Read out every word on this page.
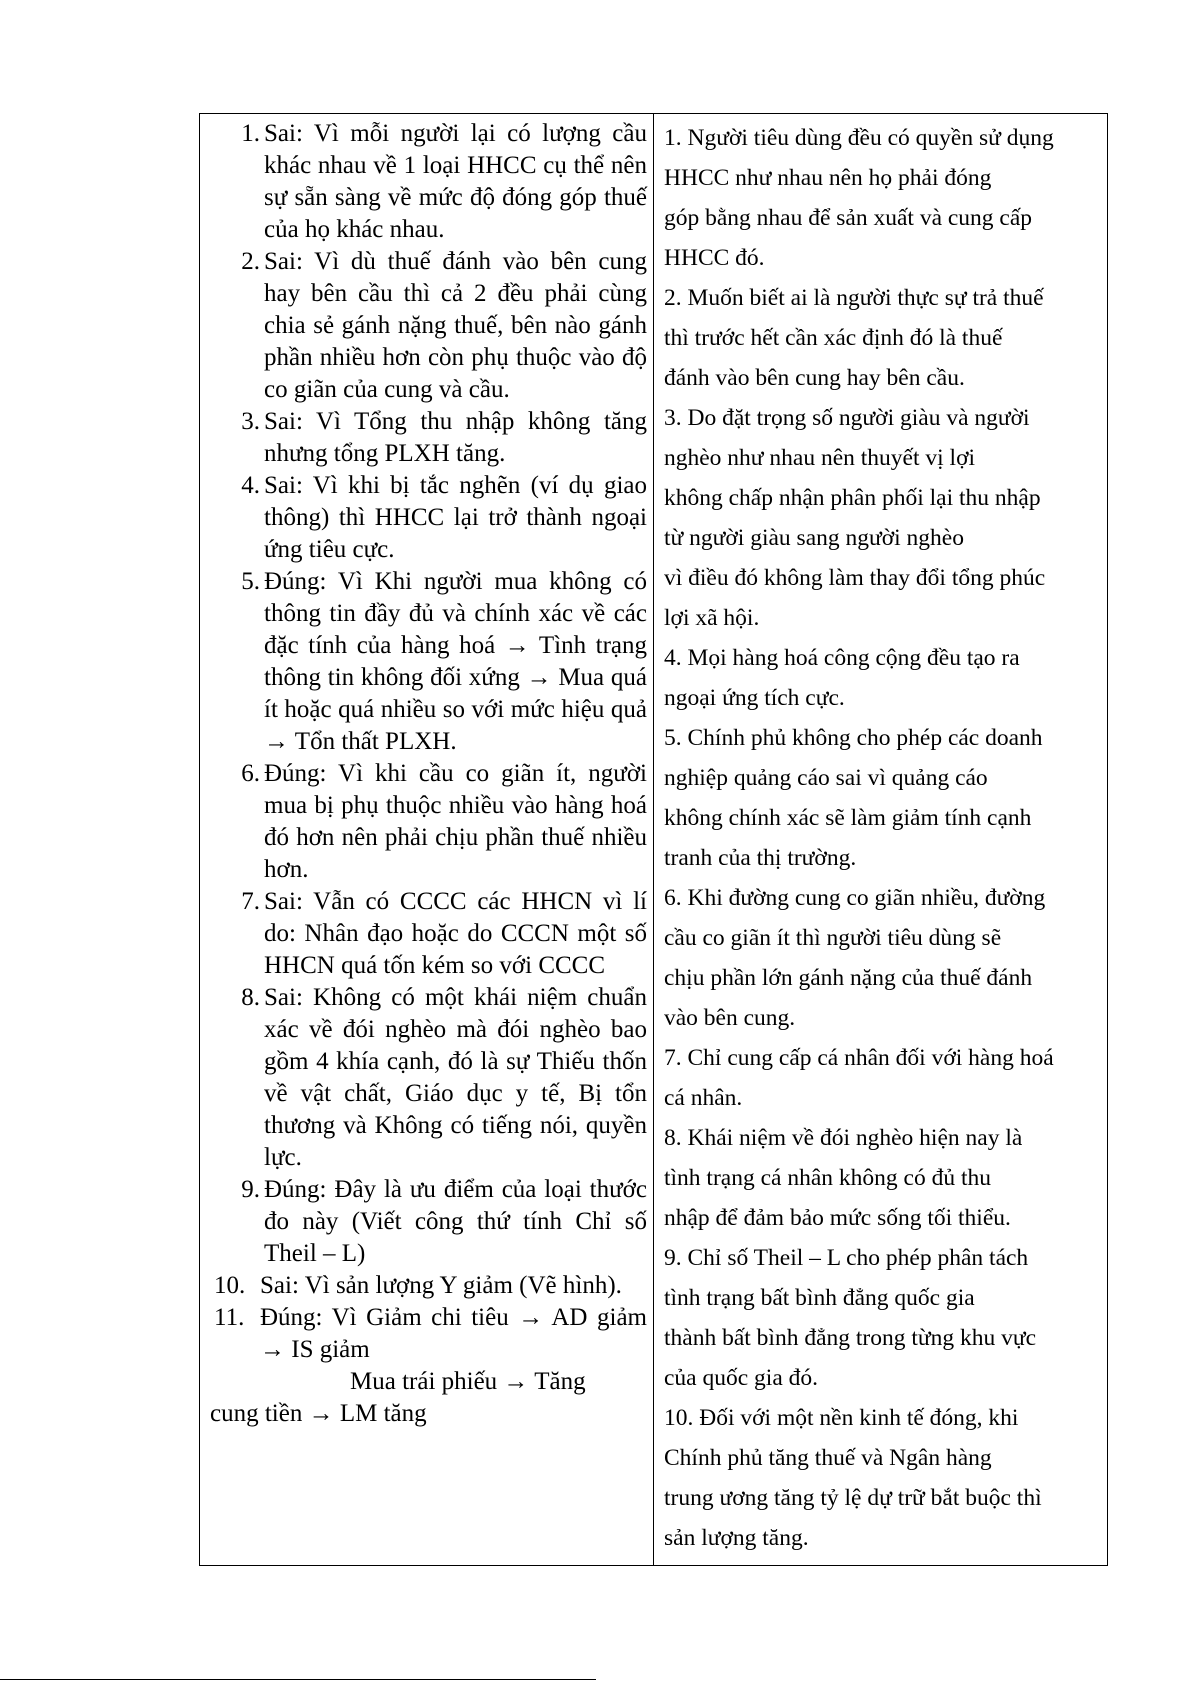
1. Sai: Vì mỗi người lại có lượng cầu khác nhau về 1 loại HHCC cụ thể nên sự sẵn sàng về mức độ đóng góp thuế của họ khác nhau.
2. Sai: Vì dù thuế đánh vào bên cung hay bên cầu thì cả 2 đều phải cùng chia sẻ gánh nặng thuế, bên nào gánh phần nhiều hơn còn phụ thuộc vào độ co giãn của cung và cầu.
3. Sai: Vì Tổng thu nhập không tăng nhưng tổng PLXH tăng.
4. Sai: Vì khi bị tắc nghẽn (ví dụ giao thông) thì HHCC lại trở thành ngoại ứng tiêu cực.
5. Đúng: Vì Khi người mua không có thông tin đầy đủ và chính xác về các đặc tính của hàng hoá → Tình trạng thông tin không đối xứng → Mua quá ít hoặc quá nhiều so với mức hiệu quả → Tổn thất PLXH.
6. Đúng: Vì khi cầu co giãn ít, người mua bị phụ thuộc nhiều vào hàng hoá đó hơn nên phải chịu phần thuế nhiều hơn.
7. Sai: Vẫn có CCCC các HHCN vì lí do: Nhân đạo hoặc do CCCN một số HHCN quá tốn kém so với CCCC
8. Sai: Không có một khái niệm chuẩn xác về đói nghèo mà đói nghèo bao gồm 4 khía cạnh, đó là sự Thiếu thốn về vật chất, Giáo dục y tế, Bị tổn thương và Không có tiếng nói, quyền lực.
9. Đúng: Đây là ưu điểm của loại thước đo này (Viết công thứ tính Chỉ số Theil – L)
10. Sai: Vì sản lượng Y giảm (Vẽ hình).
11. Đúng: Vì Giảm chi tiêu → AD giảm → IS giảm
Mua trái phiếu → Tăng
cung tiền → LM tăng
1. Người tiêu dùng đều có quyền sử dụng
HHCC như nhau nên họ phải đóng
góp bằng nhau để sản xuất và cung cấp
HHCC đó.
2. Muốn biết ai là người thực sự trả thuế
thì trước hết cần xác định đó là thuế
đánh vào bên cung hay bên cầu.
3. Do đặt trọng số người giàu và người
nghèo như nhau nên thuyết vị lợi
không chấp nhận phân phối lại thu nhập
từ người giàu sang người nghèo
vì điều đó không làm thay đổi tổng phúc
lợi xã hội.
4. Mọi hàng hoá công cộng đều tạo ra
ngoại ứng tích cực.
5. Chính phủ không cho phép các doanh
nghiệp quảng cáo sai vì quảng cáo
không chính xác sẽ làm giảm tính cạnh
tranh của thị trường.
6. Khi đường cung co giãn nhiều, đường
cầu co giãn ít thì người tiêu dùng sẽ
chịu phần lớn gánh nặng của thuế đánh
vào bên cung.
7. Chỉ cung cấp cá nhân đối với hàng hoá
cá nhân.
8. Khái niệm về đói nghèo hiện nay là
tình trạng cá nhân không có đủ thu
nhập để đảm bảo mức sống tối thiểu.
9. Chỉ số Theil – L cho phép phân tách
tình trạng bất bình đẳng quốc gia
thành bất bình đẳng trong từng khu vực
của quốc gia đó.
10. Đối với một nền kinh tế đóng, khi
Chính phủ tăng thuế và Ngân hàng
trung ương tăng tỷ lệ dự trữ bắt buộc thì
sản lượng tăng.
